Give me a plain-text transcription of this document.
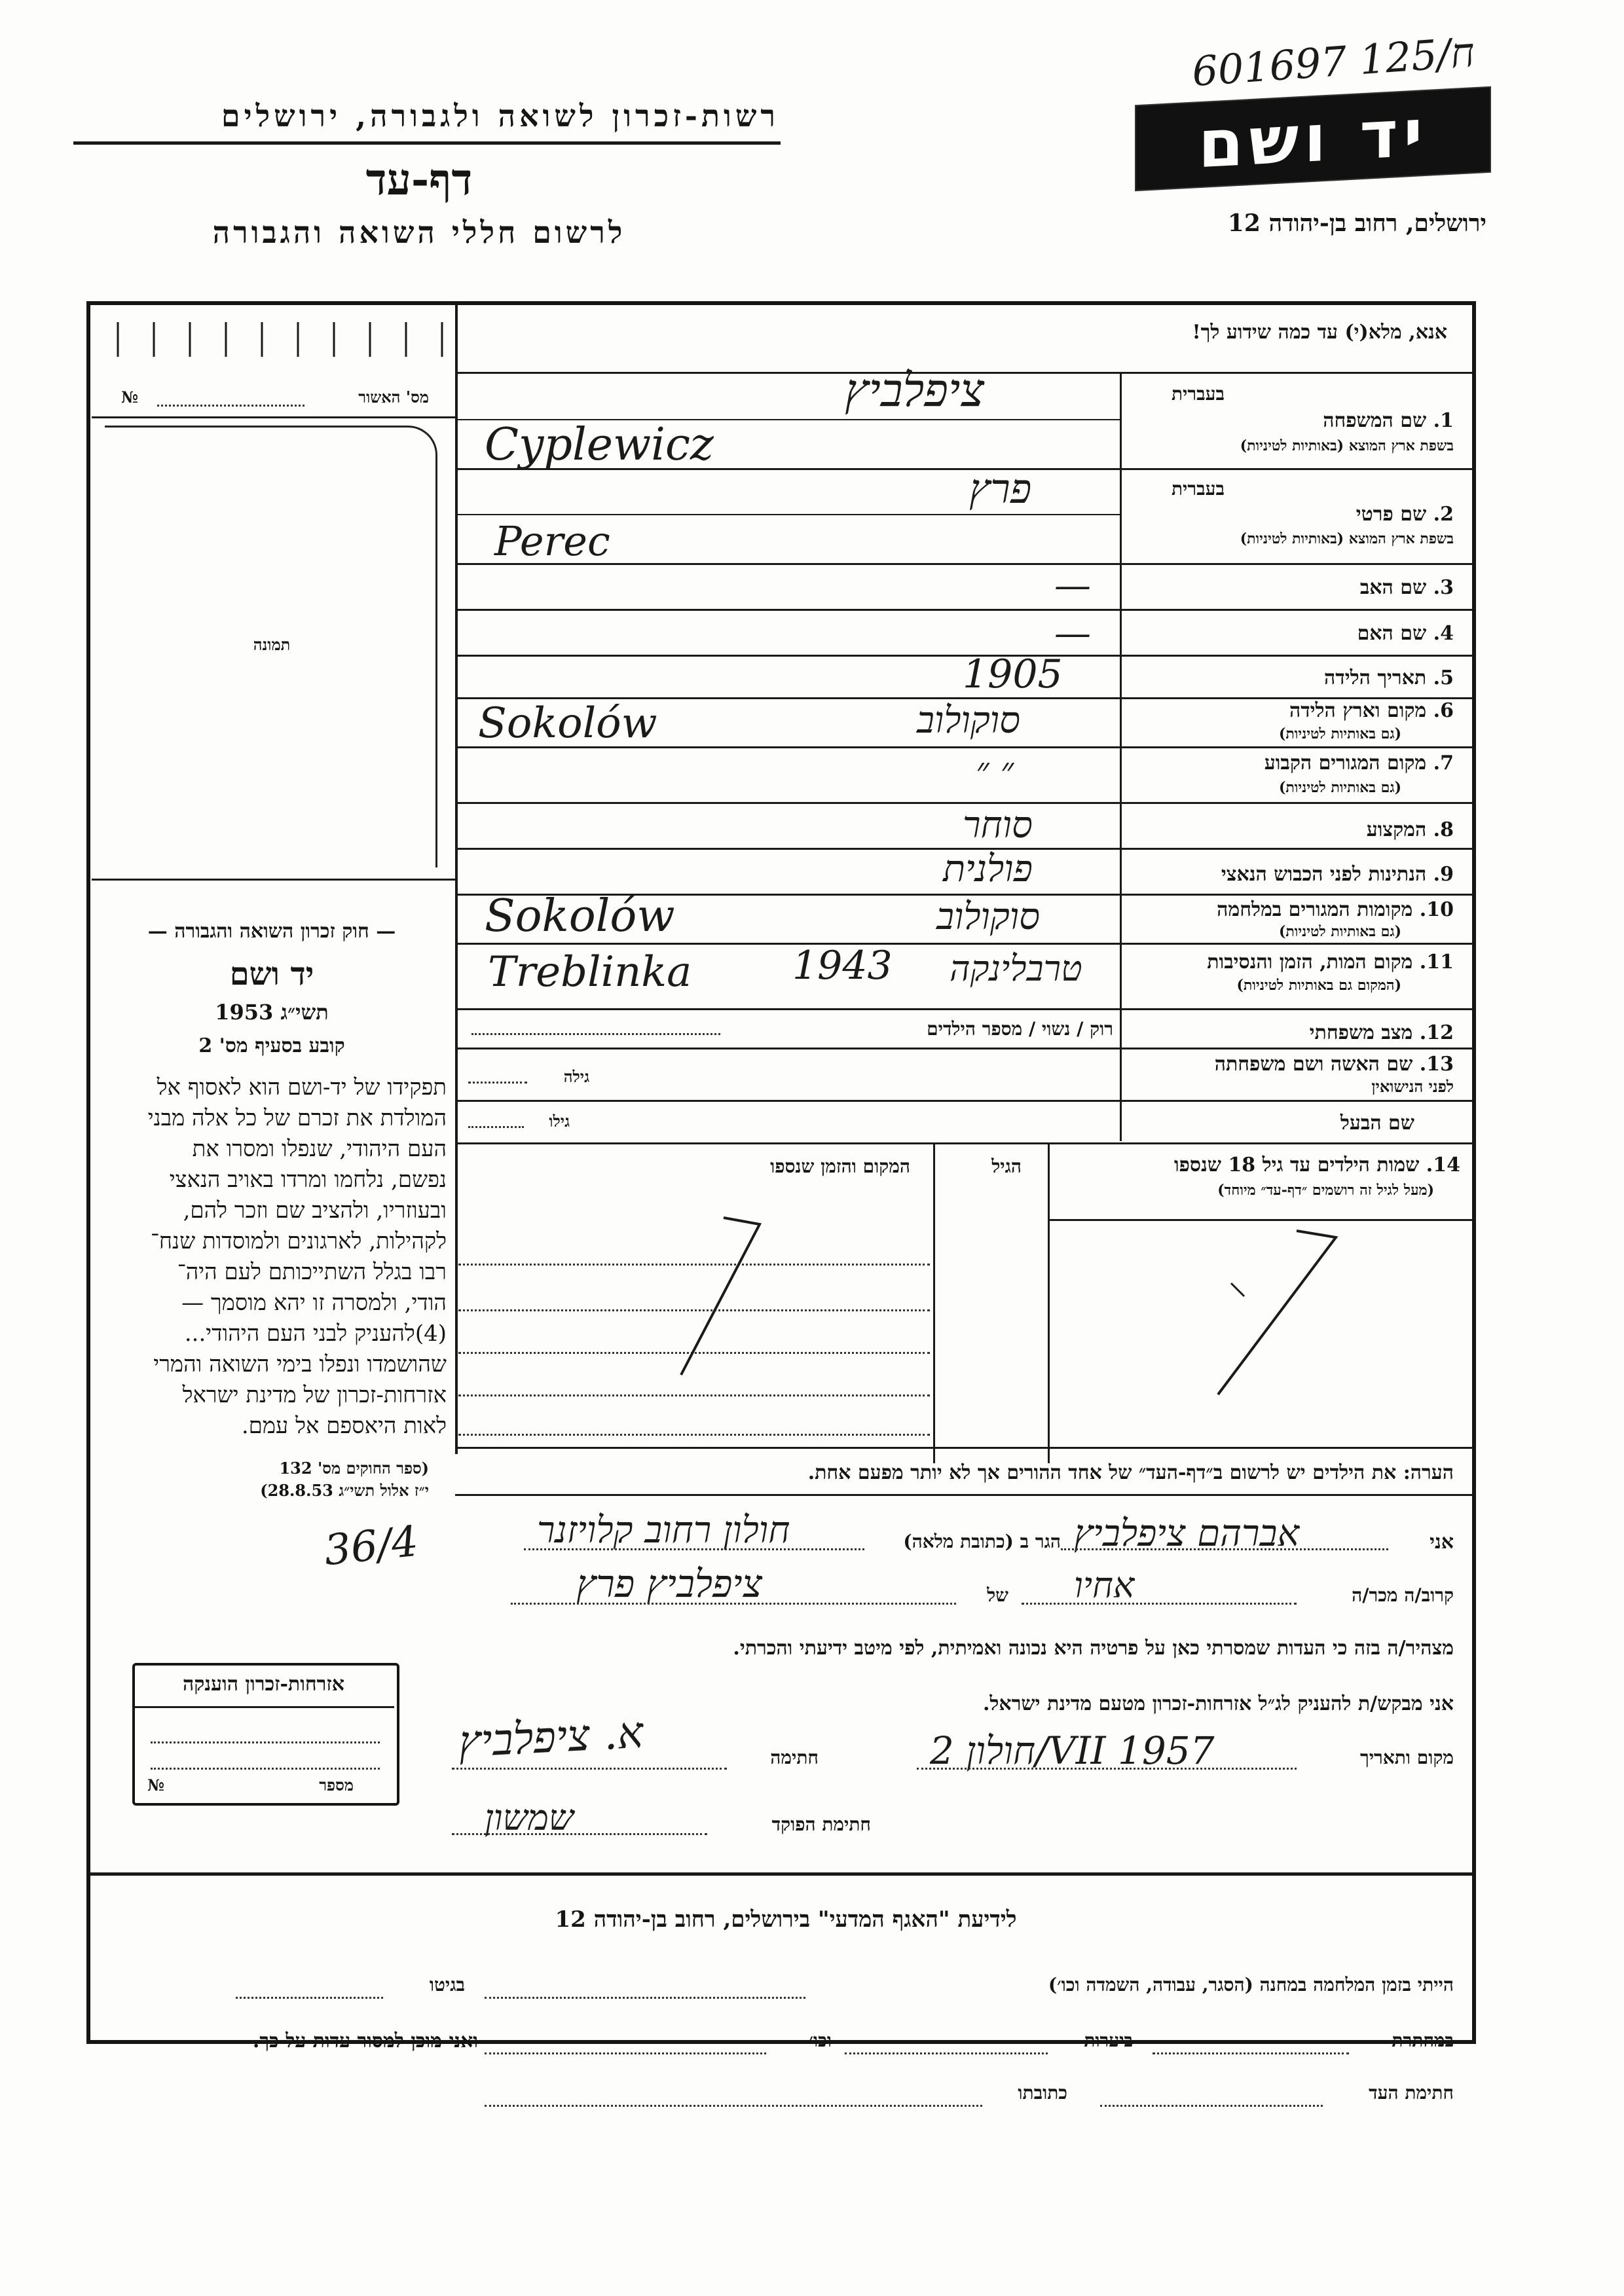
601697 125/ח
רשות-זכרון לשואה ולגבורה, ירושלים
דף-עד
לרשום חללי השואה והגבורה
יד ושם
ירושלים, רחוב בן-יהודה 12
מס' האשור
№
תמונה
— חוק זכרון השואה והגבורה —
יד ושם
תשי״ג 1953
קובע בסעיף מס' 2
תפקידו של יד-ושם הוא לאסוף אל
המולדת את זכרם של כל אלה מבני
העם היהודי, שנפלו ומסרו את
נפשם, נלחמו ומרדו באויב הנאצי
ובעוזריו, ולהציב שם וזכר להם,
לקהילות, לארגונים ולמוסדות שנח־
רבו בגלל השתייכותם לעם היה־
הודי, ולמסרה זו יהא מוסמך —
(4)להעניק לבני העם היהודי...
שהושמדו ונפלו בימי השואה והמרי
אזרחות-זכרון של מדינת ישראל
לאות היאספם אל עמם.
(ספר החוקים מס' 132
י״ז אלול תשי״ג 28.8.53)
אזרחות-זכרון הוענקה
מספר
№
אנא, מלא(י) עד כמה שידוע לך!
בעברית
1. שם המשפחה
בשפת ארץ המוצא (באותיות לטיניות)
ציפלביץ
Cyplewicz
בעברית
2. שם פרטי
בשפת ארץ המוצא (באותיות לטיניות)
פרץ
Perec
3. שם האב
—
4. שם האם
—
5. תאריך הלידה
1905
6. מקום וארץ הלידה
(גם באותיות לטיניות)
סוקולוב
Sokolów
7. מקום המגורים הקבוע
(גם באותיות לטיניות)
״ ״
8. המקצוע
סוחר
9. הנתינות לפני הכבוש הנאצי
פולנית
10. מקומות המגורים במלחמה
(גם באותיות לטיניות)
סוקולוב
Sokolów
11. מקום המות, הזמן והנסיבות
(המקום גם באותיות לטיניות)
טרבלינקה
1943
Treblinka
12. מצב משפחתי
רוק / נשוי / מספר הילדים
13. שם האשה ושם משפחתה
לפני הנישואין
גילה
שם הבעל
גילו
14. שמות הילדים עד גיל 18 שנספו
(מעל לגיל זה רושמים ״דף-עד״ מיוחד)
הגיל
המקום והזמן שנספו
הערה: את הילדים יש לרשום ב״דף-העד״ של אחד ההורים אך לא יותר מפעם אחת.
אני
אברהם ציפלביץ
הגר ב (כתובת מלאה)
חולון רחוב קלויזנר
36/4
קרוב/ה מכר/ה
אחיו
של
ציפלביץ פרץ
מצהיר/ה בזה כי העדות שמסרתי כאן על פרטיה היא נכונה ואמיתית, לפי מיטב ידיעתי והכרתי.
אני מבקש/ת להעניק לג״ל אזרחות-זכרון מטעם מדינת ישראל.
מקום ותאריך
חולון 2/VII 1957
חתימה
א. ציפלביץ
חתימת הפוקד
שמשון
לידיעת "האגף המדעי" בירושלים, רחוב בן-יהודה 12
הייתי בזמן המלחמה במחנה (הסגר, עבודה, השמדה וכו׳)
בגיטו
במחתרת
ביערות
וכו׳
ואני מוכן למסור עדות על כך.
חתימת העד
כתובתו
